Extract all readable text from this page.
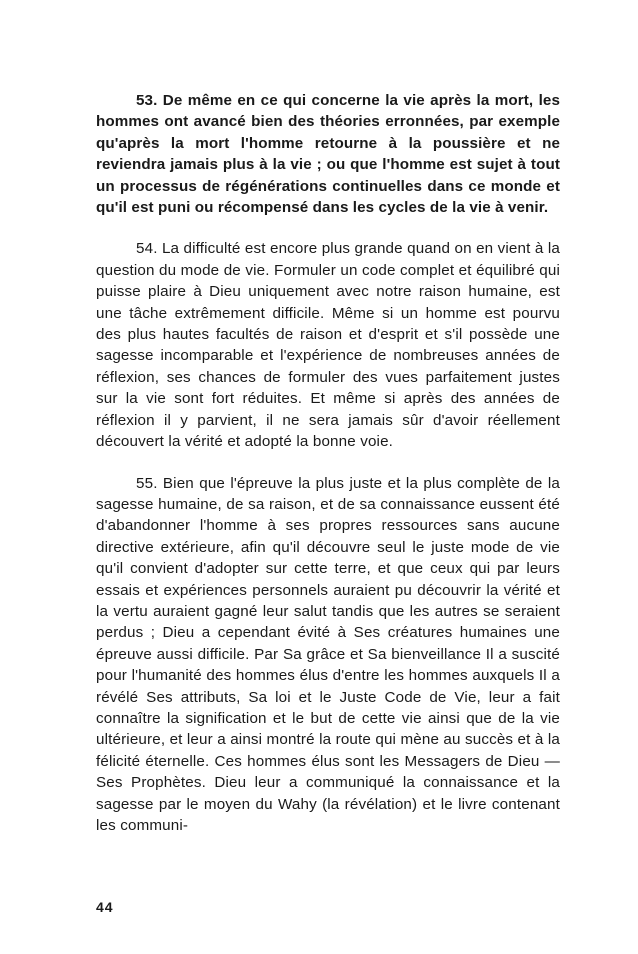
53. De même en ce qui concerne la vie après la mort, les hommes ont avancé bien des théories erronnées, par exemple qu'après la mort l'homme retourne à la poussière et ne reviendra jamais plus à la vie ; ou que l'homme est sujet à tout un processus de régénérations continuelles dans ce monde et qu'il est puni ou récompensé dans les cycles de la vie à venir.

54. La difficulté est encore plus grande quand on en vient à la question du mode de vie. Formuler un code complet et équilibré qui puisse plaire à Dieu uniquement avec notre raison humaine, est une tâche extrêmement difficile. Même si un homme est pourvu des plus hautes facultés de raison et d'esprit et s'il possède une sagesse incomparable et l'expérience de nombreuses années de réflexion, ses chances de formuler des vues parfaitement justes sur la vie sont fort réduites. Et même si après des années de réflexion il y parvient, il ne sera jamais sûr d'avoir réellement découvert la vérité et adopté la bonne voie.

55. Bien que l'épreuve la plus juste et la plus complète de la sagesse humaine, de sa raison, et de sa connaissance eussent été d'abandonner l'homme à ses propres ressources sans aucune directive extérieure, afin qu'il découvre seul le juste mode de vie qu'il convient d'adopter sur cette terre, et que ceux qui par leurs essais et expériences personnels auraient pu découvrir la vérité et la vertu auraient gagné leur salut tandis que les autres se seraient perdus ; Dieu a cependant évité à Ses créatures humaines une épreuve aussi difficile. Par Sa grâce et Sa bienveillance Il a suscité pour l'humanité des hommes élus d'entre les hommes auxquels Il a révélé Ses attributs, Sa loi et le Juste Code de Vie, leur a fait connaître la signification et le but de cette vie ainsi que de la vie ultérieure, et leur a ainsi montré la route qui mène au succès et à la félicité éternelle. Ces hommes élus sont les Messagers de Dieu — Ses Prophètes. Dieu leur a communiqué la connaissance et la sagesse par le moyen du Wahy (la révélation) et le livre contenant les communi-

44
